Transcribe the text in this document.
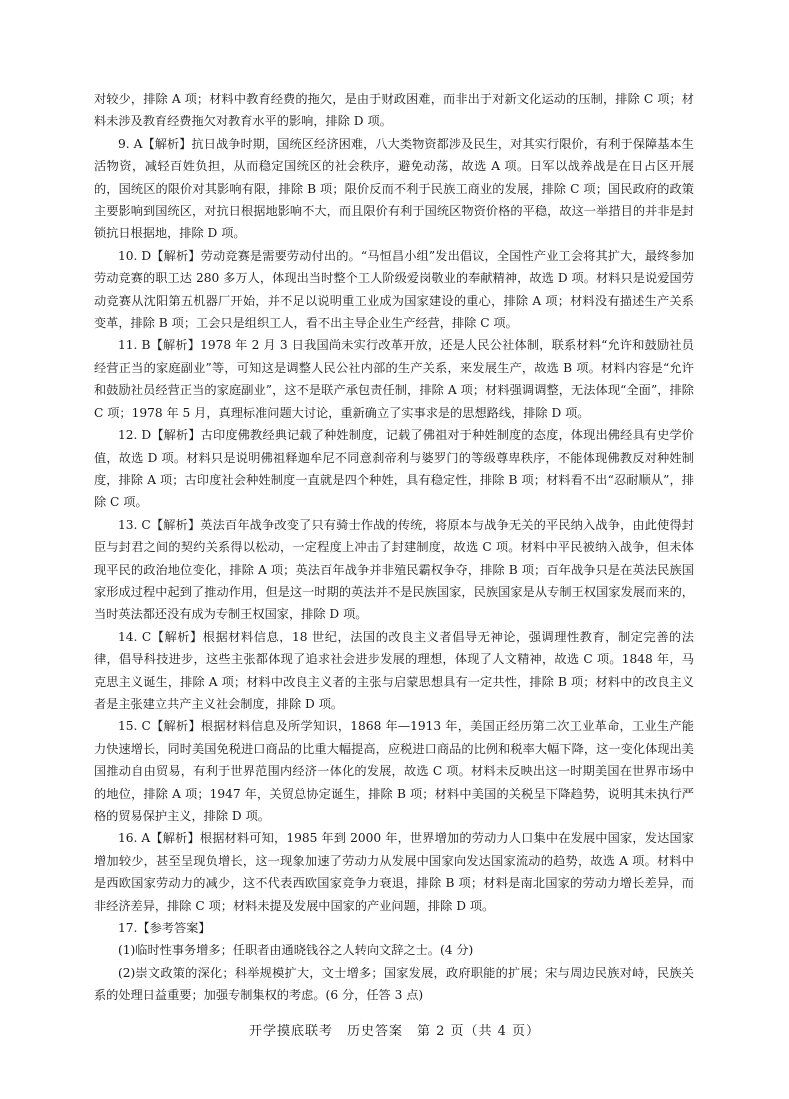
对较少，排除 A 项；材料中教育经费的拖欠，是由于财政困难，而非出于对新文化运动的压制，排除 C 项；材料未涉及教育经费拖欠对教育水平的影响，排除 D 项。

9. A【解析】抗日战争时期，国统区经济困难，八大类物资都涉及民生，对其实行限价，有利于保障基本生活物资，减轻百姓负担，从而稳定国统区的社会秩序，避免动荡，故选 A 项。日军以战养战是在日占区开展的，国统区的限价对其影响有限，排除 B 项；限价反而不利于民族工商业的发展，排除 C 项；国民政府的政策主要影响到国统区，对抗日根据地影响不大，而且限价有利于国统区物资价格的平稳，故这一举措目的并非是封锁抗日根据地，排除 D 项。

10. D【解析】劳动竞赛是需要劳动付出的。“马恒昌小组”发出倡议，全国性产业工会将其扩大，最终参加劳动竞赛的职工达 280 多万人，体现出当时整个工人阶级爱岗敬业的奉献精神，故选 D 项。材料只是说爱国劳动竞赛从沈阳第五机器厂开始，并不足以说明重工业成为国家建设的重心，排除 A 项；材料没有描述生产关系变革，排除 B 项；工会只是组织工人，看不出主导企业生产经营，排除 C 项。

11. B【解析】1978 年 2 月 3 日我国尚未实行改革开放，还是人民公社体制，联系材料“允许和鼓励社员经营正当的家庭副业”等，可知这是调整人民公社内部的生产关系，来发展生产，故选 B 项。材料内容是“允许和鼓励社员经营正当的家庭副业”，这不是联产承包责任制，排除 A 项；材料强调调整，无法体现“全面”，排除 C 项；1978 年 5 月，真理标准问题大讨论，重新确立了实事求是的思想路线，排除 D 项。

12. D【解析】古印度佛教经典记载了种姓制度，记载了佛祖对于种姓制度的态度，体现出佛经具有史学价值，故选 D 项。材料只是说明佛祖释迦牟尼不同意刹帝利与婆罗门的等级尊卑秩序，不能体现佛教反对种姓制度，排除 A 项；古印度社会种姓制度一直就是四个种姓，具有稳定性，排除 B 项；材料看不出“忍耐顺从”，排除 C 项。

13. C【解析】英法百年战争改变了只有骑士作战的传统，将原本与战争无关的平民纳入战争，由此使得封臣与封君之间的契约关系得以松动，一定程度上冲击了封建制度，故选 C 项。材料中平民被纳入战争，但未体现平民的政治地位变化，排除 A 项；英法百年战争并非殖民霸权争夺，排除 B 项；百年战争只是在英法民族国家形成过程中起到了推动作用，但是这一时期的英法并不是民族国家，民族国家是从专制王权国家发展而来的，当时英法都还没有成为专制王权国家，排除 D 项。

14. C【解析】根据材料信息，18 世纪，法国的改良主义者倡导无神论，强调理性教育，制定完善的法律，倡导科技进步，这些主张都体现了追求社会进步发展的理想，体现了人文精神，故选 C 项。1848 年，马克思主义诞生，排除 A 项；材料中改良主义者的主张与启蒙思想具有一定共性，排除 B 项；材料中的改良主义者是主张建立共产主义社会制度，排除 D 项。

15. C【解析】根据材料信息及所学知识，1868 年—1913 年，美国正经历第二次工业革命，工业生产能力快速增长，同时美国免税进口商品的比重大幅提高，应税进口商品的比例和税率大幅下降，这一变化体现出美国推动自由贸易，有利于世界范围内经济一体化的发展，故选 C 项。材料未反映出这一时期美国在世界市场中的地位，排除 A 项；1947 年，关贸总协定诞生，排除 B 项；材料中美国的关税呈下降趋势，说明其未执行严格的贸易保护主义，排除 D 项。

16. A【解析】根据材料可知，1985 年到 2000 年，世界增加的劳动力人口集中在发展中国家，发达国家增加较少，甚至呈现负增长，这一现象加速了劳动力从发展中国家向发达国家流动的趋势，故选 A 项。材料中是西欧国家劳动力的减少，这不代表西欧国家竞争力衰退，排除 B 项；材料是南北国家的劳动力增长差异，而非经济差异，排除 C 项；材料未提及发展中国家的产业问题，排除 D 项。

17.【参考答案】

(1)临时性事务增多；任职者由通晓钱谷之人转向文辞之士。(4 分)

(2)崇文政策的深化；科举规模扩大，文士增多；国家发展，政府职能的扩展；宋与周边民族对峙，民族关系的处理日益重要；加强专制集权的考虑。(6 分，任答 3 点)

开学摸底联考　历史答案　第 2 页（共 4 页）
